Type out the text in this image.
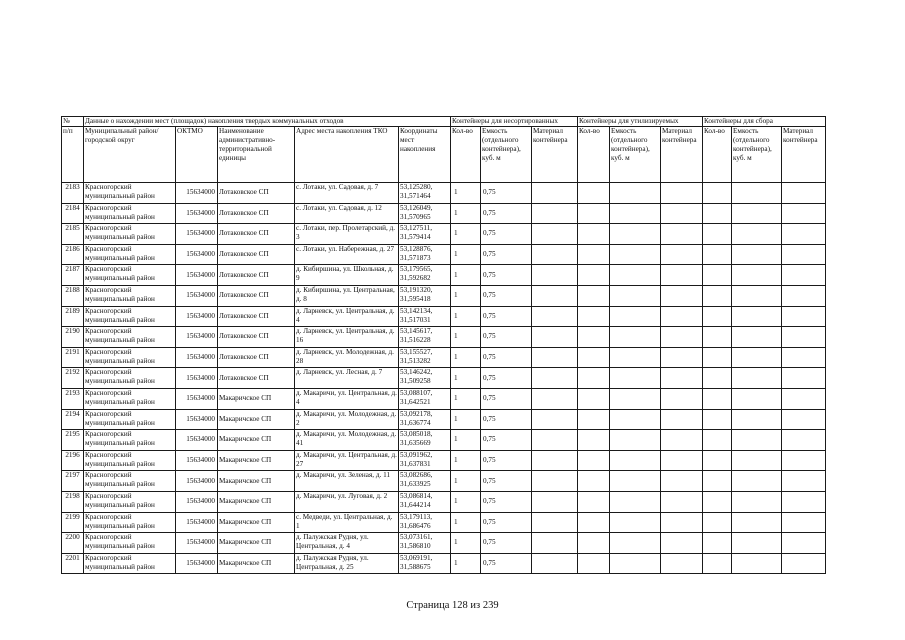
№	Данные о нахождении мест (площадок) накопления твердых коммунальных отходов					Контейнеры для несортированных			Контейнеры для утилизируемых			Контейнеры для сбора		
п/п	Муниципальный район/городской округ	ОКТМО	Наименование административно-территориальной единицы	Адрес места накопления ТКО	Координаты мест накопления	Кол-во	Емкость (отдельного контейнера), куб. м	Материал контейнера	Кол-во	Емкость (отдельного контейнера), куб. м	Материал контейнера	Кол-во	Емкость (отдельного контейнера), куб. м	Материал контейнера
2183	Красногорский муниципальный район	15634000	Лотаковское СП	с. Лотаки, ул. Садовая, д. 7	53,125280, 31,571464	1	0,75							
2184	Красногорский муниципальный район	15634000	Лотаковское СП	с. Лотаки, ул. Садовая, д. 12	53,126049, 31,570965	1	0,75							
2185	Красногорский муниципальный район	15634000	Лотаковское СП	с. Лотаки, пер. Пролетарский, д. 3	53,127511, 31,579414	1	0,75							
2186	Красногорский муниципальный район	15634000	Лотаковское СП	с. Лотаки, ул. Набережная, д. 27	53,128876, 31,571873	1	0,75							
2187	Красногорский муниципальный район	15634000	Лотаковское СП	д. Кибиршина, ул. Школьная, д. 9	53,179565, 31,592682	1	0,75							
2188	Красногорский муниципальный район	15634000	Лотаковское СП	д. Кибиршина, ул. Центральная, д. 8	53,191320, 31,595418	1	0,75							
2189	Красногорский муниципальный район	15634000	Лотаковское СП	д. Ларневск, ул. Центральная, д. 4	53,142134, 31,517031	1	0,75							
2190	Красногорский муниципальный район	15634000	Лотаковское СП	д. Ларневск, ул. Центральная, д. 16	53,145617, 31,516228	1	0,75							
2191	Красногорский муниципальный район	15634000	Лотаковское СП	д. Ларневск, ул. Молодежная, д. 28	53,155527, 31,513282	1	0,75							
2192	Красногорский муниципальный район	15634000	Лотаковское СП	д. Ларневск, ул. Лесная, д. 7	53,146242, 31,509258	1	0,75							
2193	Красногорский муниципальный район	15634000	Макаричское СП	д. Макаричи, ул. Центральная, д. 4	53,088107, 31,642521	1	0,75							
2194	Красногорский муниципальный район	15634000	Макаричское СП	д. Макаричи, ул. Молодежная, д. 2	53,092178, 31,636774	1	0,75							
2195	Красногорский муниципальный район	15634000	Макаричское СП	д. Макаричи, ул. Молодежная, д. 41	53,085018, 31,635669	1	0,75							
2196	Красногорский муниципальный район	15634000	Макаричское СП	д. Макаричи, ул. Центральная, д. 27	53,091962, 31,637831	1	0,75							
2197	Красногорский муниципальный район	15634000	Макаричское СП	д. Макаричи, ул. Зеленая, д. 11	53,082686, 31,633925	1	0,75							
2198	Красногорский муниципальный район	15634000	Макаричское СП	д. Макаричи, ул. Луговая, д. 2	53,086814, 31,644214	1	0,75							
2199	Красногорский муниципальный район	15634000	Макаричское СП	с. Медведи, ул. Центральная, д. 1	53,179113, 31,686476	1	0,75							
2200	Красногорский муниципальный район	15634000	Макаричское СП	д. Палужская Рудня, ул. Центральная, д. 4	53,073161, 31,586810	1	0,75							
2201	Красногорский муниципальный район	15634000	Макаричское СП	д. Палужская Рудня, ул. Центральная, д. 25	53,069191, 31,588675	1	0,75							
Страница 128 из 239
